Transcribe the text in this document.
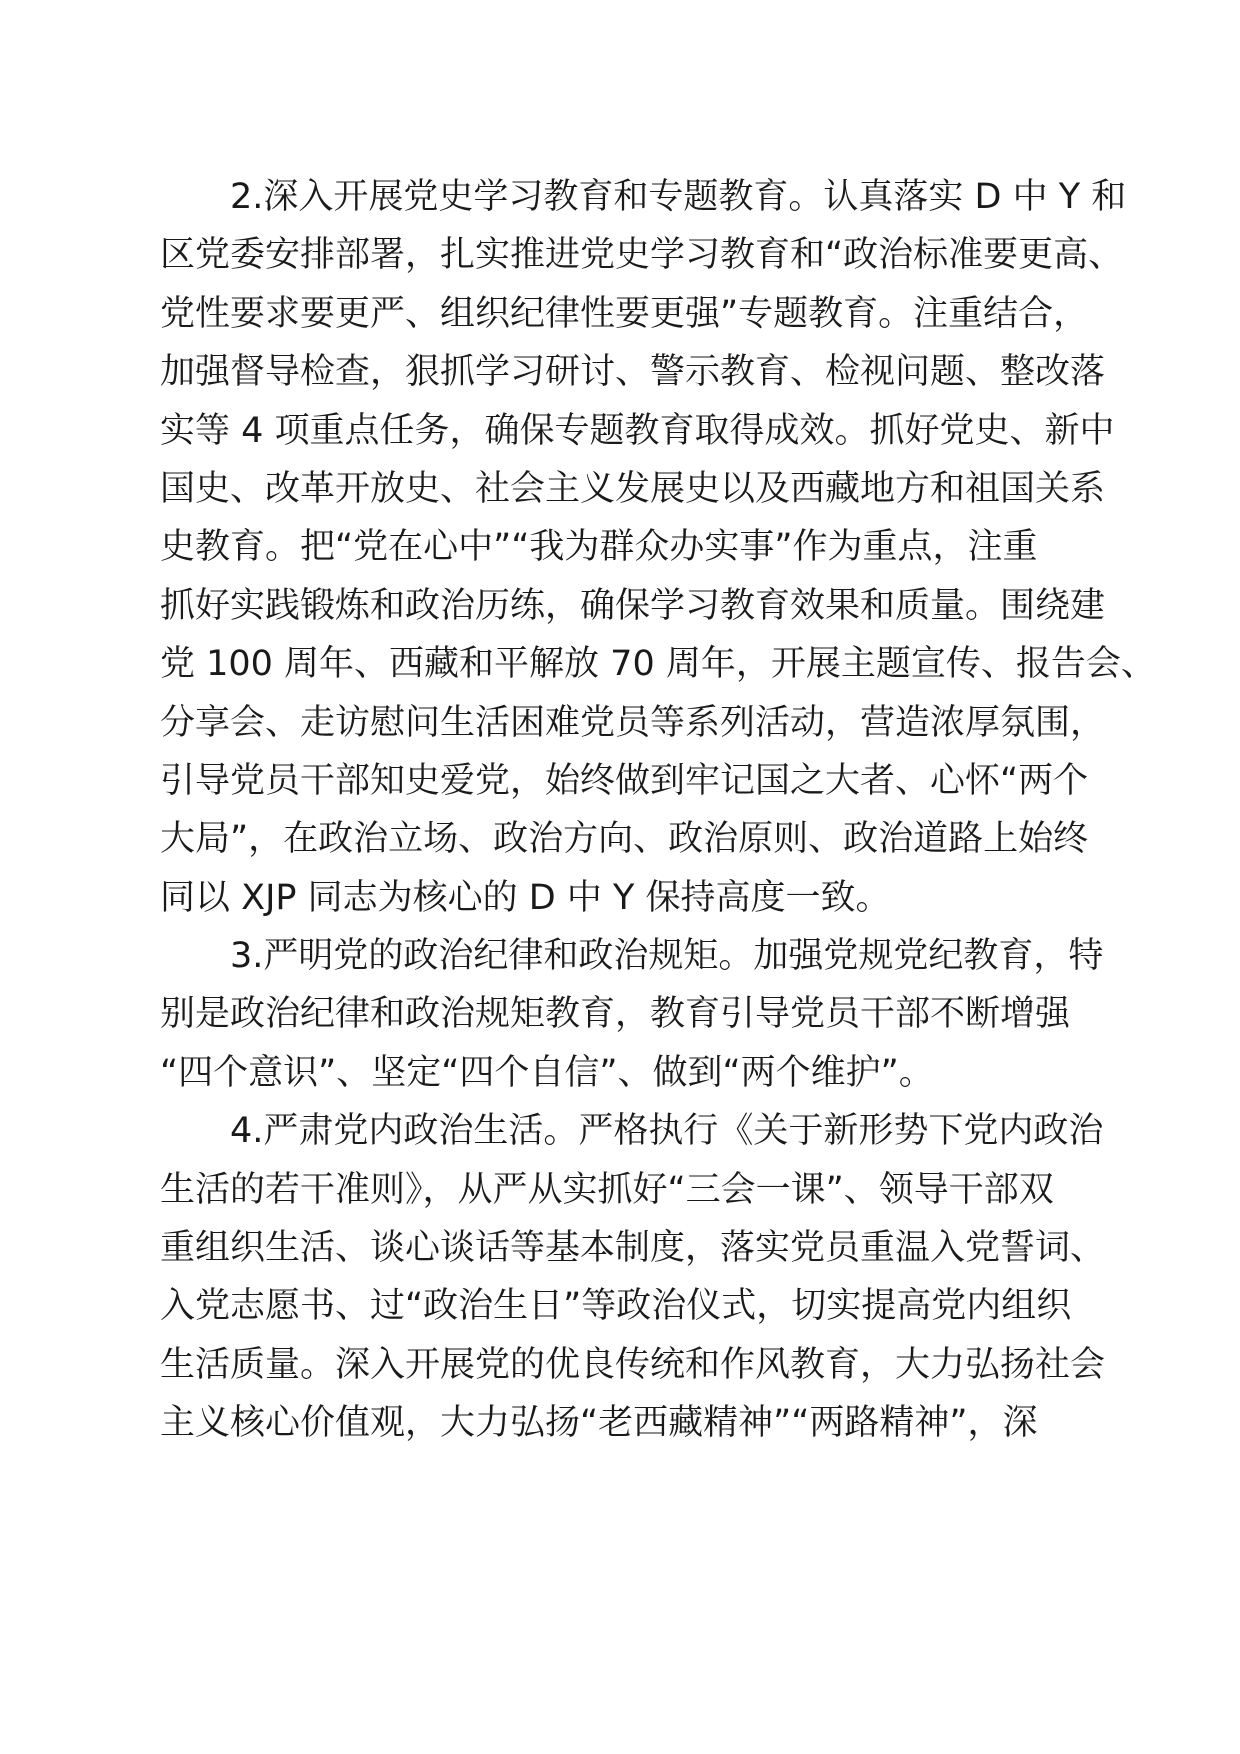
　　2.深入开展党史学习教育和专题教育。认真落实 D 中 Y 和
区党委安排部署，扎实推进党史学习教育和“政治标准要更高、
党性要求要更严、组织纪律性要更强”专题教育。注重结合，
加强督导检查，狠抓学习研讨、警示教育、检视问题、整改落
实等 4 项重点任务，确保专题教育取得成效。抓好党史、新中
国史、改革开放史、社会主义发展史以及西藏地方和祖国关系
史教育。把“党在心中”“我为群众办实事”作为重点，注重
抓好实践锻炼和政治历练，确保学习教育效果和质量。围绕建
党 100 周年、西藏和平解放 70 周年，开展主题宣传、报告会、
分享会、走访慰问生活困难党员等系列活动，营造浓厚氛围，
引导党员干部知史爱党，始终做到牢记国之大者、心怀“两个
大局”，在政治立场、政治方向、政治原则、政治道路上始终
同以 XJP 同志为核心的 D 中 Y 保持高度一致。
　　3.严明党的政治纪律和政治规矩。加强党规党纪教育，特
别是政治纪律和政治规矩教育，教育引导党员干部不断增强
“四个意识”、坚定“四个自信”、做到“两个维护”。
　　4.严肃党内政治生活。严格执行《关于新形势下党内政治
生活的若干准则》，从严从实抓好“三会一课”、领导干部双
重组织生活、谈心谈话等基本制度，落实党员重温入党誓词、
入党志愿书、过“政治生日”等政治仪式，切实提高党内组织
生活质量。深入开展党的优良传统和作风教育，大力弘扬社会
主义核心价值观，大力弘扬“老西藏精神”“两路精神”，深
